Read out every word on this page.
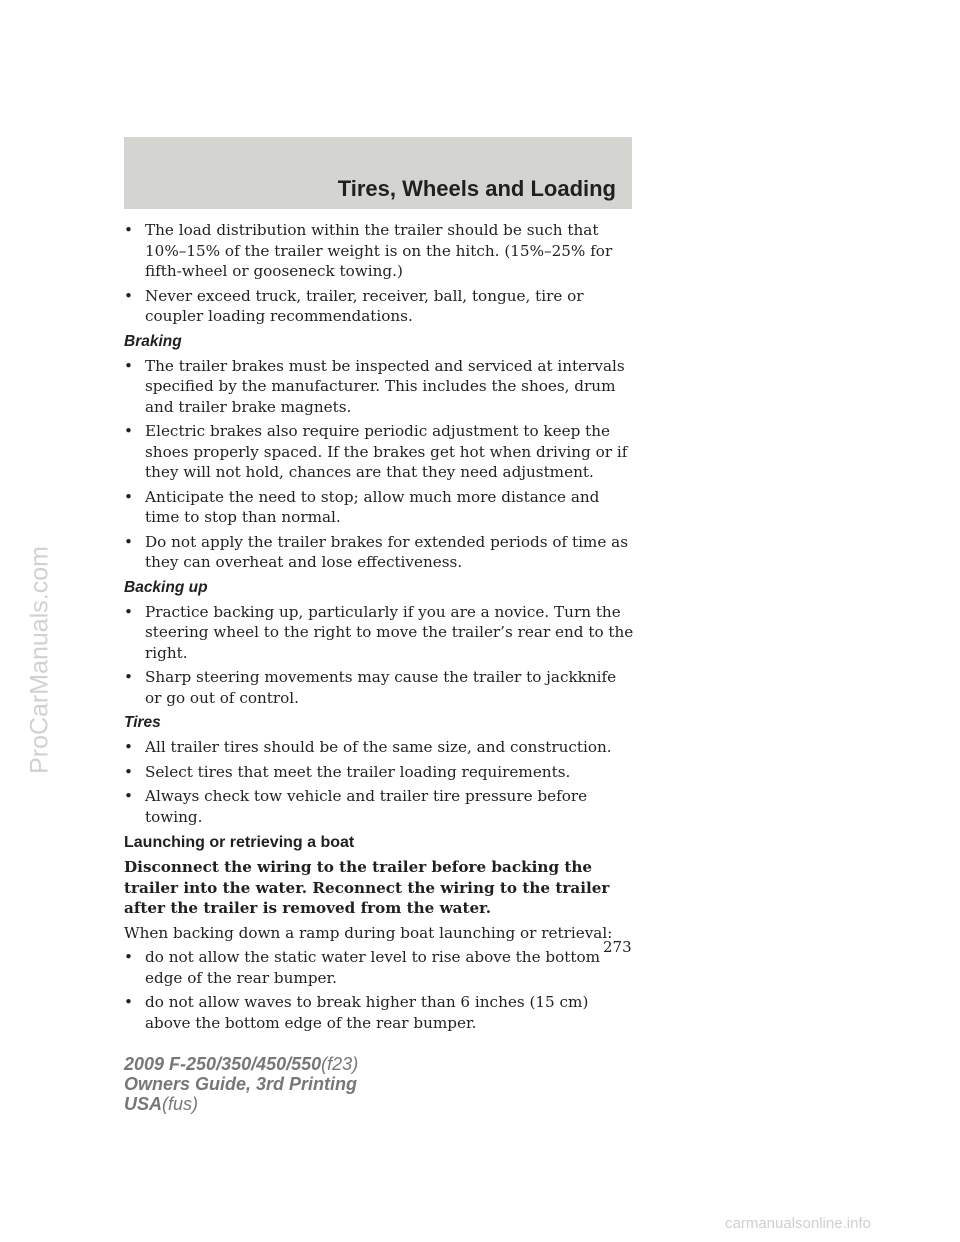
ProCarManuals.com
Tires, Wheels and Loading
• The load distribution within the trailer should be such that 10%–15% of the trailer weight is on the hitch. (15%–25% for fifth-wheel or gooseneck towing.)
• Never exceed truck, trailer, receiver, ball, tongue, tire or coupler loading recommendations.
Braking
• The trailer brakes must be inspected and serviced at intervals specified by the manufacturer. This includes the shoes, drum and trailer brake magnets.
• Electric brakes also require periodic adjustment to keep the shoes properly spaced. If the brakes get hot when driving or if they will not hold, chances are that they need adjustment.
• Anticipate the need to stop; allow much more distance and time to stop than normal.
• Do not apply the trailer brakes for extended periods of time as they can overheat and lose effectiveness.
Backing up
• Practice backing up, particularly if you are a novice. Turn the steering wheel to the right to move the trailer’s rear end to the right.
• Sharp steering movements may cause the trailer to jackknife or go out of control.
Tires
• All trailer tires should be of the same size, and construction.
• Select tires that meet the trailer loading requirements.
• Always check tow vehicle and trailer tire pressure before towing.
Launching or retrieving a boat
Disconnect the wiring to the trailer before backing the trailer into the water. Reconnect the wiring to the trailer after the trailer is removed from the water.
When backing down a ramp during boat launching or retrieval:
• do not allow the static water level to rise above the bottom edge of the rear bumper.
• do not allow waves to break higher than 6 inches (15 cm) above the bottom edge of the rear bumper.
273
2009 F-250/350/450/550(f23)
Owners Guide, 3rd Printing
USA(fus)
carmanualsonline.info
